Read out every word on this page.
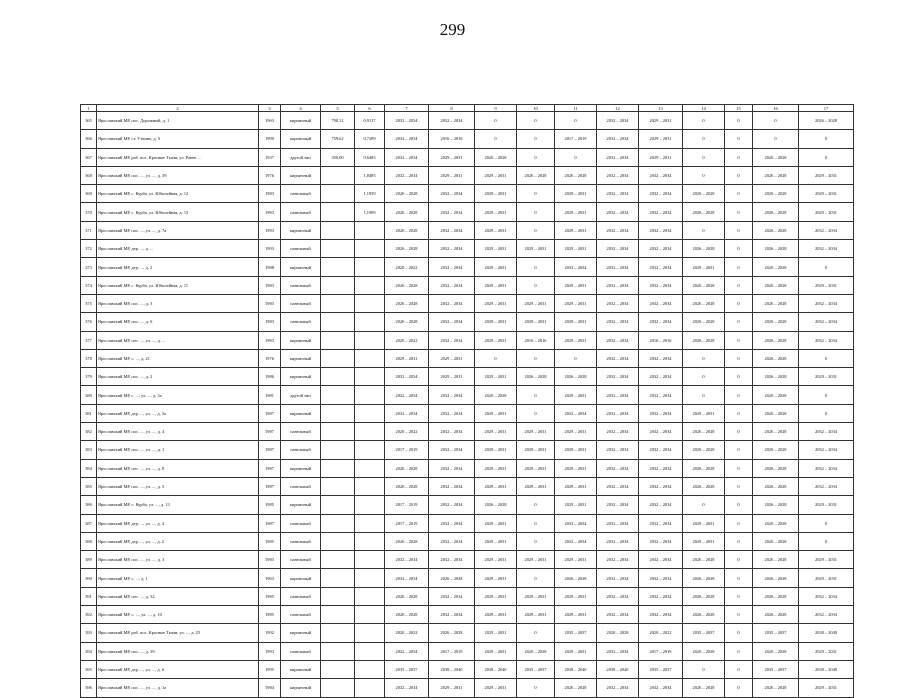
299
1	2	3	4	5	6	7	8	9	10	11	12	13	14	15	16	17
365	Ярославский МР, пос. Дорожный, д. 1	1963	кирпичный	798,12	0,9117	2032 – 2034	2032 – 2034	0	0	0	2032 – 2034	2029 – 2031	0	0	0	2026 – 2028
366	Ярославский МР, ст. Уткино, д. 5	1990	кирпичный	759,62	0,7289	2032 – 2034	2016 – 2016	0	0	2017 – 2019	2032 – 2034	2029 – 2031	0	0	0	0
367	Ярославский МР, раб. пос. Красные Ткачи, ул. Ранее ...	1937	другой тип	350,00	0,6483	2032 – 2034	2029 – 2031	2026 – 2028	0	0	2032 – 2034	2029 – 2031	0	0	2026 – 2028	0
368	Ярославский МР, пос. ..., ул. ..., д. 39	1976	кирпичный		1,8485	2032 – 2034	2029 – 2031	2029 – 2031	2026 – 2028	2026 – 2028	2032 – 2034	2032 – 2034	0	0	2026 – 2028	2029 – 2031
369	Ярославский МР, с. Курба, ул. Юбилейная, д. 12	1983	панельный		1,1959	2026 – 2028	2032 – 2034	2029 – 2031	0	2029 – 2031	2032 – 2034	2032 – 2034	2026 – 2028	0	2026 – 2028	2029 – 2031
370	Ярославский МР, с. Курба, ул. Юбилейная, д. 13	1983	панельный		1,1909	2026 – 2028	2032 – 2034	2029 – 2031	0	2029 – 2031	2032 – 2034	2032 – 2034	2026 – 2028	0	2026 – 2028	2029 – 2031
371	Ярославский МР, пос. ..., ул. ..., д. 7а	1993	кирпичный			2026 – 2028	2032 – 2034	2029 – 2031	0	2029 – 2031	2032 – 2034	2032 – 2034	0	0	2026 – 2028	2032 – 2034
372	Ярославский МР, дер. ..., д. ...	1993	панельный			2026 – 2028	2032 – 2034	2029 – 2031	2029 – 2031	2029 – 2031	2032 – 2034	2032 – 2034	2026 – 2028	0	2026 – 2028	2032 – 2034
373	Ярославский МР, дер. ..., д. 2	1988	кирпичный			2020 – 2022	2032 – 2034	2029 – 2031	0	2032 – 2034	2032 – 2034	2032 – 2034	2029 – 2031	0	2026 – 2028	0
374	Ярославский МР, с. Курба, ул. Юбилейная, д. 11	1983	панельный			2026 – 2028	2032 – 2034	2029 – 2031	0	2029 – 2031	2032 – 2034	2032 – 2034	2026 – 2028	0	2026 – 2028	2029 – 2031
375	Ярославский МР, пос. ..., д. 3	1983	панельный			2026 – 2028	2032 – 2034	2029 – 2031	2029 – 2031	2029 – 2031	2032 – 2034	2032 – 2034	2026 – 2028	0	2026 – 2028	2032 – 2034
376	Ярославский МР, пос. ..., д. 6	1983	панельный			2026 – 2028	2032 – 2034	2029 – 2031	2029 – 2031	2029 – 2031	2032 – 2034	2032 – 2034	2026 – 2028	0	2026 – 2028	2032 – 2034
377	Ярославский МР, пос. ..., ул. ..., д. ...	1983	кирпичный			2020 – 2022	2032 – 2034	2029 – 2031	2016 – 2016	2029 – 2031	2032 – 2034	2016 – 2016	2026 – 2028	0	2026 – 2028	2032 – 2034
378	Ярославский МР, с. ..., д. 21	1976	кирпичный			2029 – 2031	2029 – 2031	0	0	0	2032 – 2034	2032 – 2034	0	0	2026 – 2028	0
379	Ярославский МР, пос. ..., д. 2	1986	кирпичный			2032 – 2034	2029 – 2031	2029 – 2031	2026 – 2028	2026 – 2028	2032 – 2034	2032 – 2034	0	0	2026 – 2028	2029 – 2031
380	Ярославский МР, с. ..., ул. ..., д. 3а	1981	другой тип			2032 – 2034	2032 – 2034	2026 – 2028	0	2029 – 2031	2032 – 2034	2032 – 2034	0	0	2026 – 2028	0
381	Ярославский МР, дер. ..., ул. ..., д. 3а	1987	кирпичный			2032 – 2034	2032 – 2034	2029 – 2031	0	2032 – 2034	2032 – 2034	2032 – 2034	2029 – 2031	0	2026 – 2028	0
382	Ярославский МР, пос. ..., ул. ..., д. 4	1987	панельный			2020 – 2022	2032 – 2034	2029 – 2031	2029 – 2031	2029 – 2031	2032 – 2034	2032 – 2034	2026 – 2028	0	2026 – 2028	2032 – 2034
383	Ярославский МР, пос. ..., ул. ..., д. 1	1987	панельный			2017 – 2019	2032 – 2034	2029 – 2031	2029 – 2031	2029 – 2031	2032 – 2034	2032 – 2034	2026 – 2028	0	2026 – 2028	2032 – 2034
384	Ярославский МР, пос. ..., ул. ..., д. 8	1987	кирпичный			2026 – 2028	2032 – 2034	2029 – 2031	2029 – 2031	2029 – 2031	2032 – 2034	2032 – 2034	2026 – 2028	0	2026 – 2028	2032 – 2034
385	Ярославский МР, пос. ..., ул. ..., д. 5	1987	панельный			2026 – 2028	2032 – 2034	2029 – 2031	2029 – 2031	2029 – 2031	2032 – 2034	2032 – 2034	2026 – 2028	0	2026 – 2028	2032 – 2034
386	Ярославский МР, с. Курба, ул. ..., д. 13	1985	кирпичный			2017 – 2019	2032 – 2034	2026 – 2028	0	2029 – 2031	2032 – 2034	2032 – 2034	0	0	2026 – 2028	2029 – 2031
387	Ярославский МР, дер. ..., ул. ..., д. 4	1987	панельный			2017 – 2019	2032 – 2034	2029 – 2031	0	2032 – 2034	2032 – 2034	2032 – 2034	2029 – 2031	0	2026 – 2028	0
388	Ярославский МР, дер. ..., ул. ..., д. 2	1985	панельный			2026 – 2028	2032 – 2034	2029 – 2031	0	2032 – 2034	2032 – 2034	2032 – 2034	2029 – 2031	0	2026 – 2028	0
389	Ярославский МР, пос. ..., ул. ..., д. 3	1983	панельный			2032 – 2034	2032 – 2034	2029 – 2031	2029 – 2031	2029 – 2031	2032 – 2034	2032 – 2034	2026 – 2028	0	2026 – 2028	2029 – 2031
390	Ярославский МР, с. ..., д. 1	1963	кирпичный			2032 – 2034	2026 – 2028	2029 – 2031	0	2026 – 2028	2032 – 2034	2032 – 2034	2026 – 2028	0	2026 – 2028	2029 – 2031
391	Ярославский МР, пос. ..., д. 32	1985	панельный			2026 – 2028	2032 – 2034	2029 – 2031	2029 – 2031	2029 – 2031	2032 – 2034	2032 – 2034	2026 – 2028	0	2026 – 2028	2032 – 2034
392	Ярославский МР, с. ..., ул. ..., д. 10	1985	панельный			2026 – 2028	2032 – 2034	2029 – 2031	2029 – 2031	2029 – 2031	2032 – 2034	2032 – 2034	2026 – 2028	0	2026 – 2028	2032 – 2034
393	Ярославский МР, раб. пос. Красные Ткачи, ул. ..., д. 25	1992	кирпичный			2020 – 2022	2026 – 2028	2029 – 2031	0	2035 – 2037	2026 – 2028	2020 – 2022	2035 – 2037	0	2035 – 2037	2038 – 2040
394	Ярославский МР, пос. ..., д. 39	1993	панельный			2032 – 2034	2017 – 2019	2029 – 2031	2026 – 2028	2029 – 2031	2032 – 2034	2017 – 2019	2026 – 2028	0	2026 – 2028	2029 – 2031
395	Ярославский МР, дер. ..., ул. ..., д. 6	1995	кирпичный			2035 – 2037	2038 – 2040	2038 – 2040	2035 – 2037	2038 – 2040	2038 – 2040	2035 – 2037	0	0	2035 – 2037	2038 – 2040
396	Ярославский МР, пос. ..., ул. ..., д. 1а	1984	кирпичный			2032 – 2034	2029 – 2031	2029 – 2031	0	2026 – 2028	2032 – 2034	2032 – 2034	2026 – 2028	0	2026 – 2028	2029 – 2031
